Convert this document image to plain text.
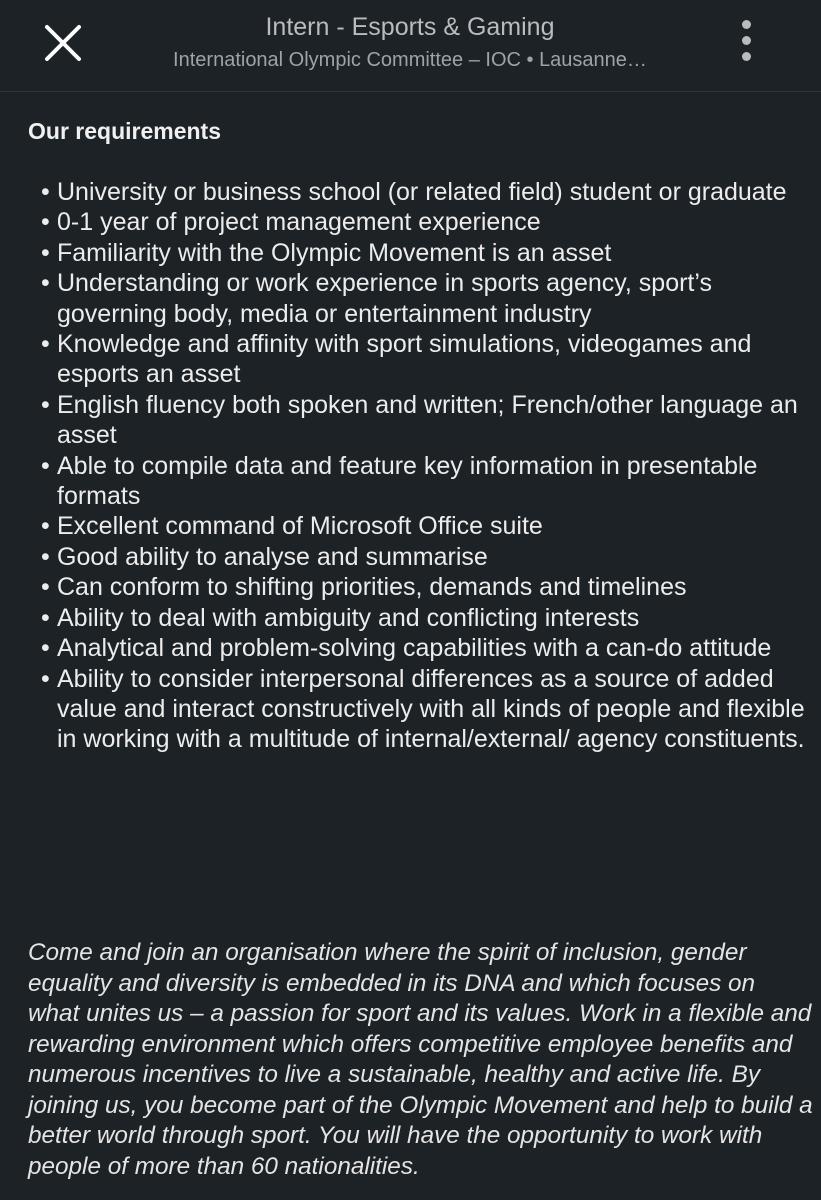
Intern - Esports & Gaming
International Olympic Committee – IOC • Lausanne…
Our requirements
• University or business school (or related field) student or graduate
• 0-1 year of project management experience
• Familiarity with the Olympic Movement is an asset
• Understanding or work experience in sports agency, sport’s governing body, media or entertainment industry
• Knowledge and affinity with sport simulations, videogames and esports an asset
• English fluency both spoken and written; French/other language an asset
• Able to compile data and feature key information in presentable formats
• Excellent command of Microsoft Office suite
• Good ability to analyse and summarise
• Can conform to shifting priorities, demands and timelines
• Ability to deal with ambiguity and conflicting interests
• Analytical and problem-solving capabilities with a can-do attitude
• Ability to consider interpersonal differences as a source of added value and interact constructively with all kinds of people and flexible in working with a multitude of internal/external/ agency constituents.

Come and join an organisation where the spirit of inclusion, gender equality and diversity is embedded in its DNA and which focuses on what unites us – a passion for sport and its values. Work in a flexible and rewarding environment which offers competitive employee benefits and numerous incentives to live a sustainable, healthy and active life. By joining us, you become part of the Olympic Movement and help to build a better world through sport. You will have the opportunity to work with people of more than 60 nationalities.
